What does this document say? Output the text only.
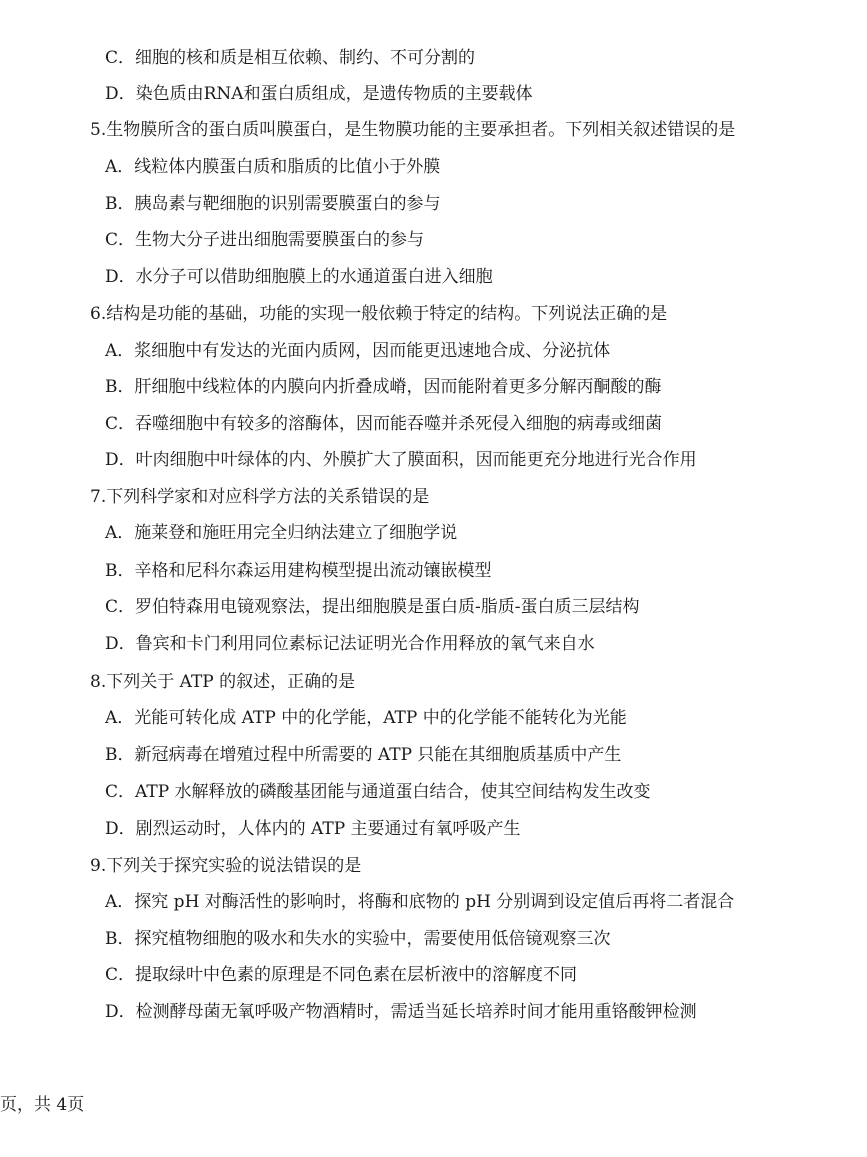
C．细胞的核和质是相互依赖、制约、不可分割的
D．染色质由RNA和蛋白质组成，是遗传物质的主要载体
5.生物膜所含的蛋白质叫膜蛋白，是生物膜功能的主要承担者。下列相关叙述错误的是
A．线粒体内膜蛋白质和脂质的比值小于外膜
B．胰岛素与靶细胞的识别需要膜蛋白的参与
C．生物大分子进出细胞需要膜蛋白的参与
D．水分子可以借助细胞膜上的水通道蛋白进入细胞
6.结构是功能的基础，功能的实现一般依赖于特定的结构。下列说法正确的是
A．浆细胞中有发达的光面内质网，因而能更迅速地合成、分泌抗体
B．肝细胞中线粒体的内膜向内折叠成嵴，因而能附着更多分解丙酮酸的酶
C．吞噬细胞中有较多的溶酶体，因而能吞噬并杀死侵入细胞的病毒或细菌
D．叶肉细胞中叶绿体的内、外膜扩大了膜面积，因而能更充分地进行光合作用
7.下列科学家和对应科学方法的关系错误的是
A．施莱登和施旺用完全归纳法建立了细胞学说
B．辛格和尼科尔森运用建构模型提出流动镶嵌模型
C．罗伯特森用电镜观察法，提出细胞膜是蛋白质-脂质-蛋白质三层结构
D．鲁宾和卡门利用同位素标记法证明光合作用释放的氧气来自水
8.下列关于 ATP 的叙述，正确的是
A．光能可转化成 ATP 中的化学能，ATP 中的化学能不能转化为光能
B．新冠病毒在增殖过程中所需要的 ATP 只能在其细胞质基质中产生
C．ATP 水解释放的磷酸基团能与通道蛋白结合，使其空间结构发生改变
D．剧烈运动时，人体内的 ATP 主要通过有氧呼吸产生
9.下列关于探究实验的说法错误的是
A．探究 pH 对酶活性的影响时，将酶和底物的 pH 分别调到设定值后再将二者混合
B．探究植物细胞的吸水和失水的实验中，需要使用低倍镜观察三次
C．提取绿叶中色素的原理是不同色素在层析液中的溶解度不同
D．检测酵母菌无氧呼吸产物酒精时，需适当延长培养时间才能用重铬酸钾检测
页，共 4页
